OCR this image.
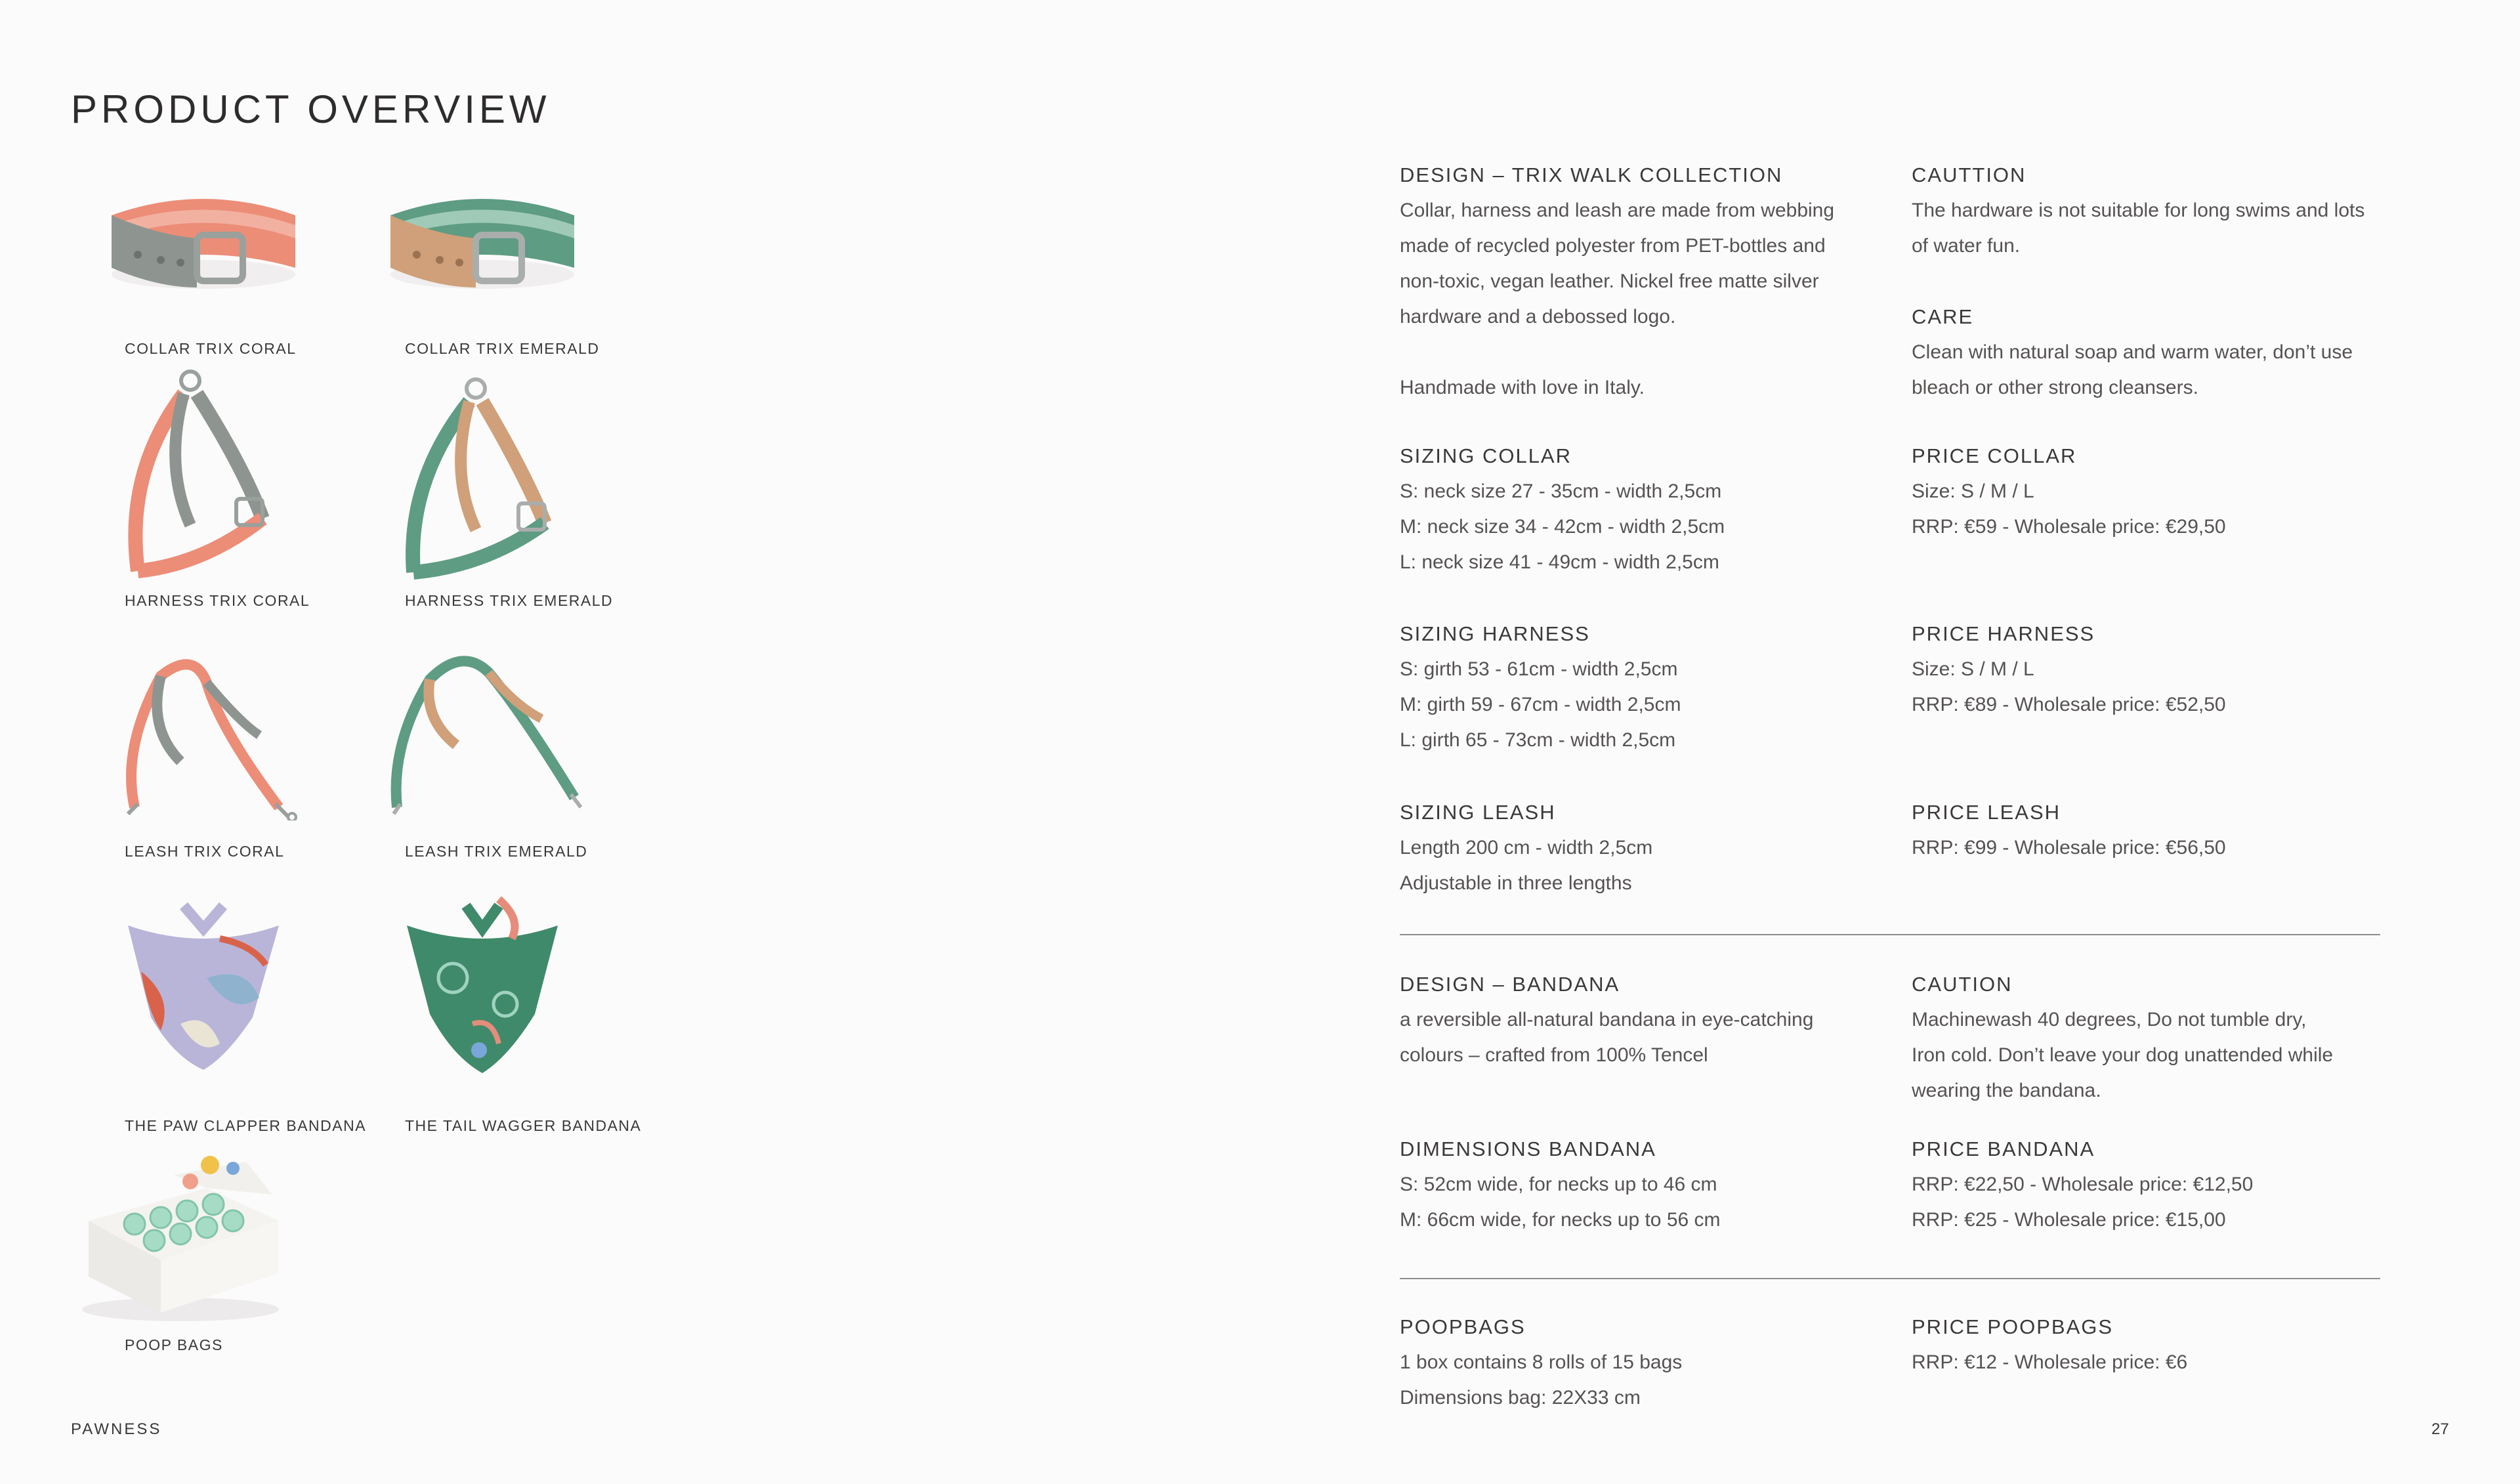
PRODUCT OVERVIEW
COLLAR TRIX CORAL	COLLAR TRIX EMERALD
HARNESS TRIX CORAL	HARNESS TRIX EMERALD
LEASH TRIX CORAL	LEASH TRIX EMERALD
THE PAW CLAPPER BANDANA	THE TAIL WAGGER BANDANA
POOP BAGS
DESIGN – TRIX WALK COLLECTION
Collar, harness and leash are made from webbing
made of recycled polyester from PET-bottles and
non-toxic, vegan leather. Nickel free matte silver
hardware and a debossed logo.

Handmade with love in Italy.
CAUTTION
The hardware is not suitable for long swims and lots
of water fun.
CARE
Clean with natural soap and warm water, don’t use
bleach or other strong cleansers.
SIZING COLLAR
S: neck size 27 - 35cm - width 2,5cm
M: neck size 34 - 42cm - width 2,5cm
L: neck size 41 - 49cm - width 2,5cm
PRICE COLLAR
Size: S / M / L
RRP: €59 - Wholesale price: €29,50
SIZING HARNESS
S: girth 53 - 61cm - width 2,5cm
M: girth 59 - 67cm - width 2,5cm
L: girth 65 - 73cm - width 2,5cm
PRICE HARNESS
Size: S / M / L
RRP: €89 - Wholesale price: €52,50
SIZING LEASH
Length 200 cm - width 2,5cm
Adjustable in three lengths
PRICE LEASH
RRP: €99 - Wholesale price: €56,50
DESIGN – BANDANA
a reversible all-natural bandana in eye-catching
colours – crafted from 100% Tencel
CAUTION
Machinewash 40 degrees, Do not tumble dry,
Iron cold. Don’t leave your dog unattended while
wearing the bandana.
DIMENSIONS BANDANA
S: 52cm wide, for necks up to 46 cm
M: 66cm wide, for necks up to 56 cm
PRICE BANDANA
RRP: €22,50 - Wholesale price: €12,50
RRP: €25 - Wholesale price: €15,00
POOPBAGS
1 box contains 8 rolls of 15 bags
Dimensions bag: 22X33 cm
PRICE POOPBAGS
RRP: €12 - Wholesale price: €6
PAWNESS	27
